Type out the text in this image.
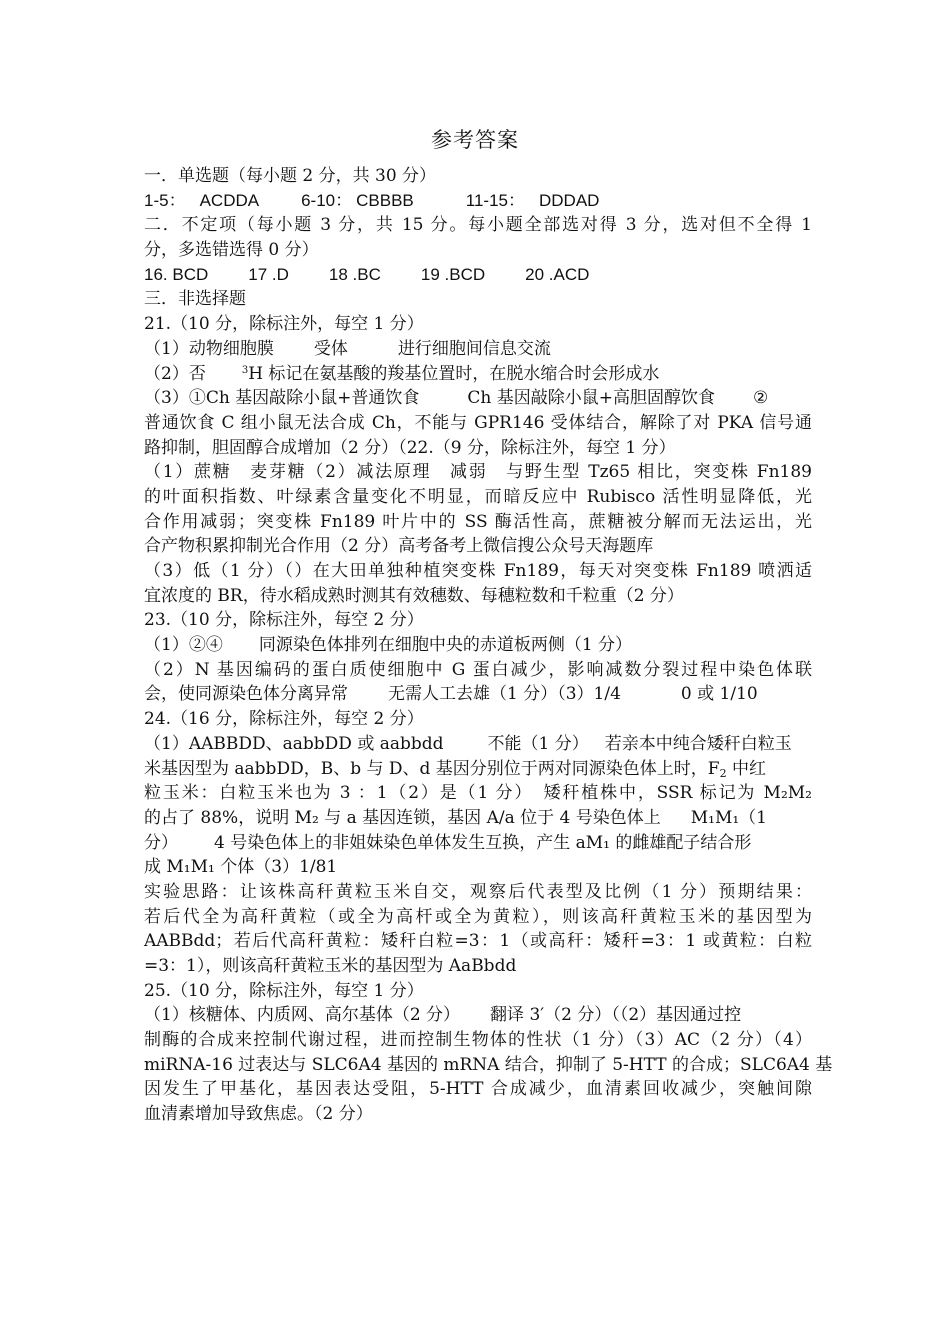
参考答案
一．单选题（每小题 2 分，共 30 分）
1-5： ACDDA 6-10： CBBBB	11-15： DDDAD
二．不定项（每小题 3 分，共 15 分。每小题全部选对得 3 分，选对但不全得 1
分，多选错选得 0 分）
16. BCD 17 .D 18 .BC 19 .BCD 20 .ACD
三．非选择题
21.（10 分，除标注外，每空 1 分）
（1）动物细胞膜 受体	进行细胞间信息交流
（2）否	$^3$H 标记在氨基酸的羧基位置时，在脱水缩合时会形成水
（3）①Ch 基因敲除小鼠+普通饮食	Ch 基因敲除小鼠+高胆固醇饮食 ②
普通饮食 C 组小鼠无法合成 Ch，不能与 GPR146 受体结合，解除了对 PKA 信号通
路抑制，胆固醇合成增加（2 分）（22.（9 分，除标注外，每空 1 分）
（1）蔗糖　麦芽糖（2）减法原理　减弱　与野生型 Tz65 相比，突变株 Fn189
的叶面积指数、叶绿素含量变化不明显，而暗反应中 Rubisco 活性明显降低，光
合作用减弱；突变株 Fn189 叶片中的 SS 酶活性高，蔗糖被分解而无法运出，光
合产物积累抑制光合作用（2 分）高考备考上微信搜公众号天海题库
（3）低（1 分）（）在大田单独种植突变株 Fn189，每天对突变株 Fn189 喷洒适
宜浓度的 BR，待水稻成熟时测其有效穗数、每穗粒数和千粒重（2 分）
23.（10 分，除标注外，每空 2 分）
（1）②④ 同源染色体排列在细胞中央的赤道板两侧（1 分）
（2）N 基因编码的蛋白质使细胞中 G 蛋白减少，影响减数分裂过程中染色体联
会，使同源染色体分离异常 无需人工去雄（1 分）（3）1/4	0 或 1/10
24.（16 分，除标注外，每空 2 分）
（1）AABBDD、aabbDD 或 aabbdd	不能（1 分） 若亲本中纯合矮秆白粒玉
米基因型为 aabbDD，B、b 与 D、d 基因分别位于两对同源染色体上时，$F_2$ 中红
粒玉米：白粒玉米也为 3 ：1（2）是（1 分）　矮秆植株中，SSR 标记为 M₂M₂
的占了 88%，说明 M₂ 与 a 基因连锁，基因 A/a 位于 4 号染色体上 M₁M₁（1
分） 4 号染色体上的非姐妹染色单体发生互换，产生 aM₁ 的雌雄配子结合形
成 M₁M₁ 个体（3）1/81
实验思路：让该株高秆黄粒玉米自交，观察后代表型及比例（1 分）预期结果：
若后代全为高秆黄粒（或全为高杆或全为黄粒），则该高秆黄粒玉米的基因型为
AABBdd；若后代高秆黄粒：矮秆白粒=3：1（或高秆：矮秆=3：1 或黄粒：白粒
=3：1），则该高秆黄粒玉米的基因型为 AaBbdd
25.（10 分，除标注外，每空 1 分）
（1）核糖体、内质网、高尔基体（2 分） 翻译 3′（2 分）（（2）基因通过控
制酶的合成来控制代谢过程，进而控制生物体的性状（1 分）（3）AC（2 分）（4）
miRNA-16 过表达与 SLC6A4 基因的 mRNA 结合，抑制了 5-HTT 的合成；SLC6A4 基
因发生了甲基化，基因表达受阻，5-HTT 合成减少，血清素回收减少，突触间隙
血清素增加导致焦虑。（2 分）
